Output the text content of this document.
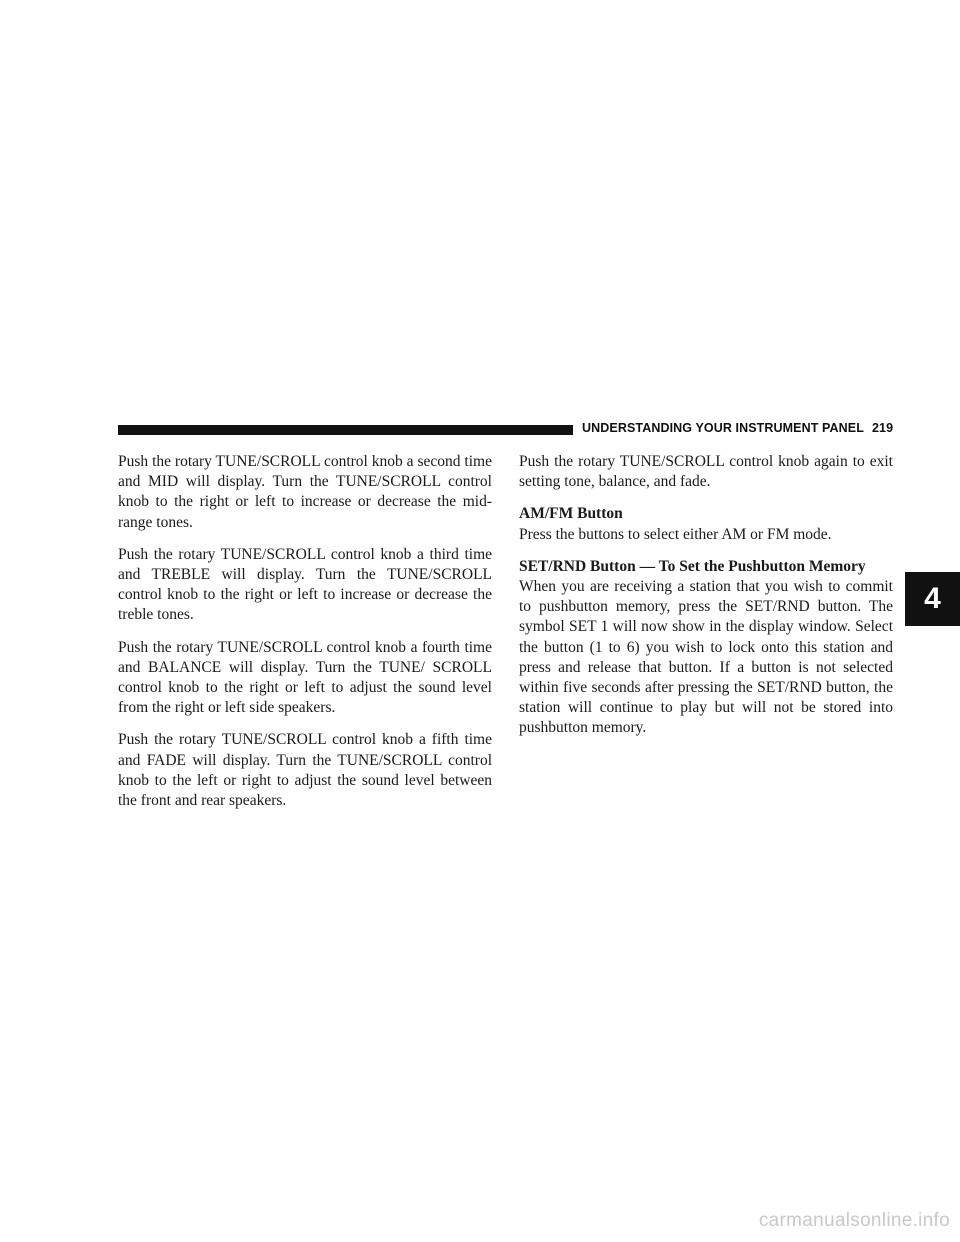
UNDERSTANDING YOUR INSTRUMENT PANEL 219

Push the rotary TUNE/SCROLL control knob a second time and MID will display. Turn the TUNE/SCROLL control knob to the right or left to increase or decrease the mid-range tones.

Push the rotary TUNE/SCROLL control knob a third time and TREBLE will display. Turn the TUNE/SCROLL control knob to the right or left to increase or decrease the treble tones.

Push the rotary TUNE/SCROLL control knob a fourth time and BALANCE will display. Turn the TUNE/ SCROLL control knob to the right or left to adjust the sound level from the right or left side speakers.

Push the rotary TUNE/SCROLL control knob a fifth time and FADE will display. Turn the TUNE/SCROLL control knob to the left or right to adjust the sound level between the front and rear speakers.

Push the rotary TUNE/SCROLL control knob again to exit setting tone, balance, and fade.

AM/FM Button

Press the buttons to select either AM or FM mode.

SET/RND Button — To Set the Pushbutton Memory

When you are receiving a station that you wish to commit to pushbutton memory, press the SET/RND button. The symbol SET 1 will now show in the display window. Select the button (1 to 6) you wish to lock onto this station and press and release that button. If a button is not selected within five seconds after pressing the SET/RND button, the station will continue to play but will not be stored into pushbutton memory.

4
carmanualsonline.info
